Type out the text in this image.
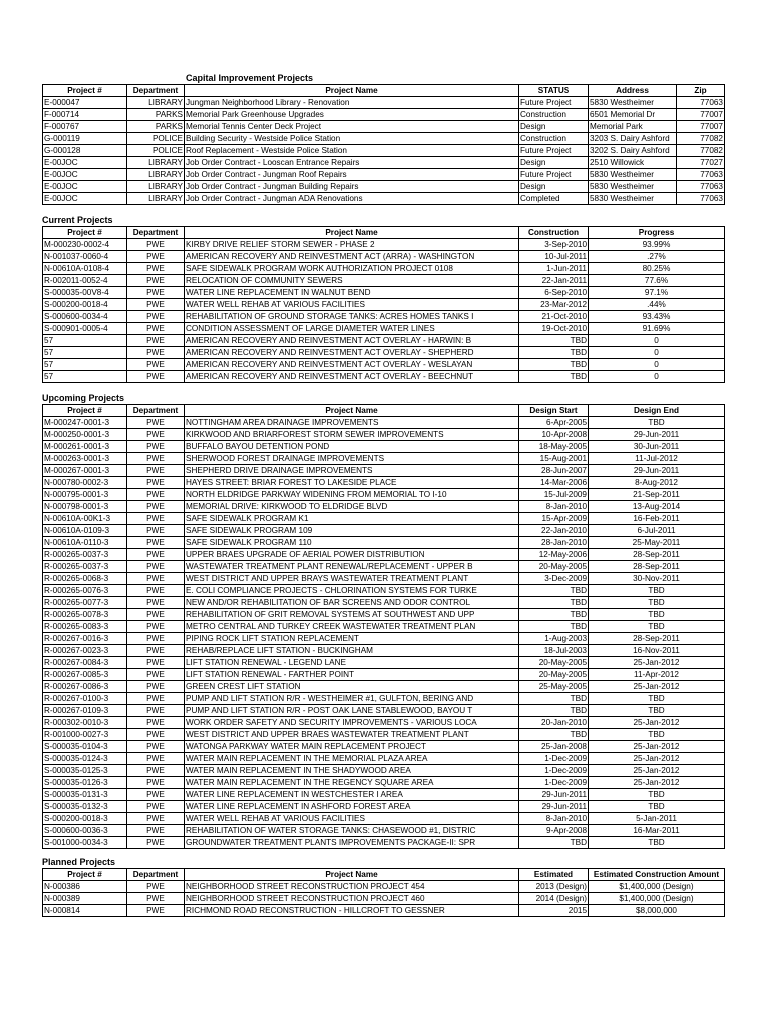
Capital Improvement Projects
Project #	Department	Project Name	STATUS	Address	Zip
E-000047	LIBRARY	Jungman Neighborhood Library - Renovation	Future Project	5830 Westheimer	77063
F-000714	PARKS	Memorial Park Greenhouse Upgrades	Construction	6501 Memorial Dr	77007
F-000767	PARKS	Memorial Tennis Center Deck Project	Design	Memorial Park	77007
G-000119	POLICE	Building Security - Westside Police Station	Construction	3203 S. Dairy Ashford	77082
G-000128	POLICE	Roof Replacement - Westside Police Station	Future Project	3202 S. Dairy Ashford	77082
E-00JOC	LIBRARY	Job Order Contract - Looscan Entrance Repairs	Design	2510 Willowick	77027
E-00JOC	LIBRARY	Job Order Contract - Jungman Roof Repairs	Future Project	5830 Westheimer	77063
E-00JOC	LIBRARY	Job Order Contract - Jungman Building Repairs	Design	5830 Westheimer	77063
E-00JOC	LIBRARY	Job Order Contract - Jungman ADA Renovations	Completed	5830 Westheimer	77063
Current Projects
Project #	Department	Project Name	Construction	Progress
M-000230-0002-4	PWE	KIRBY DRIVE RELIEF STORM SEWER - PHASE 2	3-Sep-2010	93.99%
N-001037-0060-4	PWE	AMERICAN RECOVERY AND REINVESTMENT ACT (ARRA) - WASHINGTON	10-Jul-2011	.27%
N-00610A-0108-4	PWE	SAFE SIDEWALK PROGRAM WORK AUTHORIZATION PROJECT 0108	1-Jun-2011	80.25%
R-002011-0052-4	PWE	RELOCATION OF COMMUNITY SEWERS	22-Jan-2011	77.6%
S-000035-00V8-4	PWE	WATER LINE REPLACEMENT IN WALNUT BEND	6-Sep-2010	97.1%
S-000200-0018-4	PWE	WATER WELL REHAB AT VARIOUS FACILITIES	23-Mar-2012	.44%
S-000600-0034-4	PWE	REHABILITATION OF GROUND STORAGE TANKS: ACRES HOMES TANKS I	21-Oct-2010	93.43%
S-000901-0005-4	PWE	CONDITION ASSESSMENT OF LARGE DIAMETER WATER LINES	19-Oct-2010	91.69%
57	PWE	AMERICAN RECOVERY AND REINVESTMENT ACT OVERLAY - HARWIN: B	TBD	0
57	PWE	AMERICAN RECOVERY AND REINVESTMENT ACT OVERLAY - SHEPHERD	TBD	0
57	PWE	AMERICAN RECOVERY AND REINVESTMENT ACT OVERLAY - WESLAYAN	TBD	0
57	PWE	AMERICAN RECOVERY AND REINVESTMENT ACT OVERLAY - BEECHNUT	TBD	0
Upcoming Projects
Project #	Department	Project Name	Design Start	Design End
M-000247-0001-3	PWE	NOTTINGHAM AREA DRAINAGE IMPROVEMENTS	6-Apr-2005	TBD
M-000250-0001-3	PWE	KIRKWOOD AND BRIARFOREST STORM SEWER IMPROVEMENTS	10-Apr-2008	29-Jun-2011
M-000261-0001-3	PWE	BUFFALO BAYOU DETENTION POND	18-May-2005	30-Jun-2011
M-000263-0001-3	PWE	SHERWOOD FOREST DRAINAGE IMPROVEMENTS	15-Aug-2001	11-Jul-2012
M-000267-0001-3	PWE	SHEPHERD DRIVE DRAINAGE IMPROVEMENTS	28-Jun-2007	29-Jun-2011
N-000780-0002-3	PWE	HAYES STREET: BRIAR FOREST TO LAKESIDE PLACE	14-Mar-2006	8-Aug-2012
N-000795-0001-3	PWE	NORTH ELDRIDGE PARKWAY WIDENING FROM MEMORIAL TO I-10	15-Jul-2009	21-Sep-2011
N-000798-0001-3	PWE	MEMORIAL DRIVE: KIRKWOOD TO ELDRIDGE BLVD	8-Jan-2010	13-Aug-2014
N-00610A-00K1-3	PWE	SAFE SIDEWALK PROGRAM K1	15-Apr-2009	16-Feb-2011
N-00610A-0109-3	PWE	SAFE SIDEWALK PROGRAM 109	22-Jan-2010	6-Jul-2011
N-00610A-0110-3	PWE	SAFE SIDEWALK PROGRAM 110	28-Jan-2010	25-May-2011
R-000265-0037-3	PWE	UPPER BRAES UPGRADE OF AERIAL POWER DISTRIBUTION	12-May-2006	28-Sep-2011
R-000265-0037-3	PWE	WASTEWATER TREATMENT PLANT RENEWAL/REPLACEMENT - UPPER B	20-May-2005	28-Sep-2011
R-000265-0068-3	PWE	WEST DISTRICT AND UPPER BRAYS WASTEWATER TREATMENT PLANT	3-Dec-2009	30-Nov-2011
R-000265-0076-3	PWE	E. COLI COMPLIANCE PROJECTS - CHLORINATION SYSTEMS FOR TURKE	TBD	TBD
R-000265-0077-3	PWE	NEW AND/OR REHABILITATION OF BAR SCREENS AND ODOR CONTROL	TBD	TBD
R-000265-0078-3	PWE	REHABILITATION OF GRIT REMOVAL SYSTEMS AT SOUTHWEST AND UPP	TBD	TBD
R-000265-0083-3	PWE	METRO CENTRAL AND TURKEY CREEK WASTEWATER TREATMENT PLAN	TBD	TBD
R-000267-0016-3	PWE	PIPING ROCK LIFT STATION REPLACEMENT	1-Aug-2003	28-Sep-2011
R-000267-0023-3	PWE	REHAB/REPLACE LIFT STATION - BUCKINGHAM	18-Jul-2003	16-Nov-2011
R-000267-0084-3	PWE	LIFT STATION RENEWAL - LEGEND LANE	20-May-2005	25-Jan-2012
R-000267-0085-3	PWE	LIFT STATION RENEWAL - FARTHER POINT	20-May-2005	11-Apr-2012
R-000267-0086-3	PWE	GREEN CREST LIFT STATION	25-May-2005	25-Jan-2012
R-000267-0100-3	PWE	PUMP AND LIFT STATION R/R - WESTHEIMER #1, GULFTON, BERING AND	TBD	TBD
R-000267-0109-3	PWE	PUMP AND LIFT STATION R/R - POST OAK LANE STABLEWOOD, BAYOU T	TBD	TBD
R-000302-0010-3	PWE	WORK ORDER SAFETY AND SECURITY IMPROVEMENTS - VARIOUS LOCA	20-Jan-2010	25-Jan-2012
R-001000-0027-3	PWE	WEST DISTRICT AND UPPER BRAES WASTEWATER TREATMENT PLANT	TBD	TBD
S-000035-0104-3	PWE	WATONGA PARKWAY WATER MAIN REPLACEMENT PROJECT	25-Jan-2008	25-Jan-2012
S-000035-0124-3	PWE	WATER MAIN REPLACEMENT IN THE MEMORIAL PLAZA AREA	1-Dec-2009	25-Jan-2012
S-000035-0125-3	PWE	WATER MAIN REPLACEMENT IN THE SHADYWOOD AREA	1-Dec-2009	25-Jan-2012
S-000035-0126-3	PWE	WATER MAIN REPLACEMENT IN THE REGENCY SQUARE AREA	1-Dec-2009	25-Jan-2012
S-000035-0131-3	PWE	WATER LINE REPLACEMENT IN WESTCHESTER I AREA	29-Jun-2011	TBD
S-000035-0132-3	PWE	WATER LINE REPLACEMENT IN ASHFORD FOREST AREA	29-Jun-2011	TBD
S-000200-0018-3	PWE	WATER WELL REHAB AT VARIOUS FACILITIES	8-Jan-2010	5-Jan-2011
S-000600-0036-3	PWE	REHABILITATION OF WATER STORAGE TANKS: CHASEWOOD #1, DISTRIC	9-Apr-2008	16-Mar-2011
S-001000-0034-3	PWE	GROUNDWATER TREATMENT PLANTS IMPROVEMENTS PACKAGE-II: SPR	TBD	TBD
Planned Projects
Project #	Department	Project Name	Estimated	Estimated Construction Amount
N-000386	PWE	NEIGHBORHOOD STREET RECONSTRUCTION PROJECT 454	2013 (Design)	$1,400,000 (Design)
N-000389	PWE	NEIGHBORHOOD STREET RECONSTRUCTION PROJECT 460	2014 (Design)	$1,400,000 (Design)
N-000814	PWE	RICHMOND ROAD RECONSTRUCTION - HILLCROFT TO GESSNER	2015	$8,000,000
